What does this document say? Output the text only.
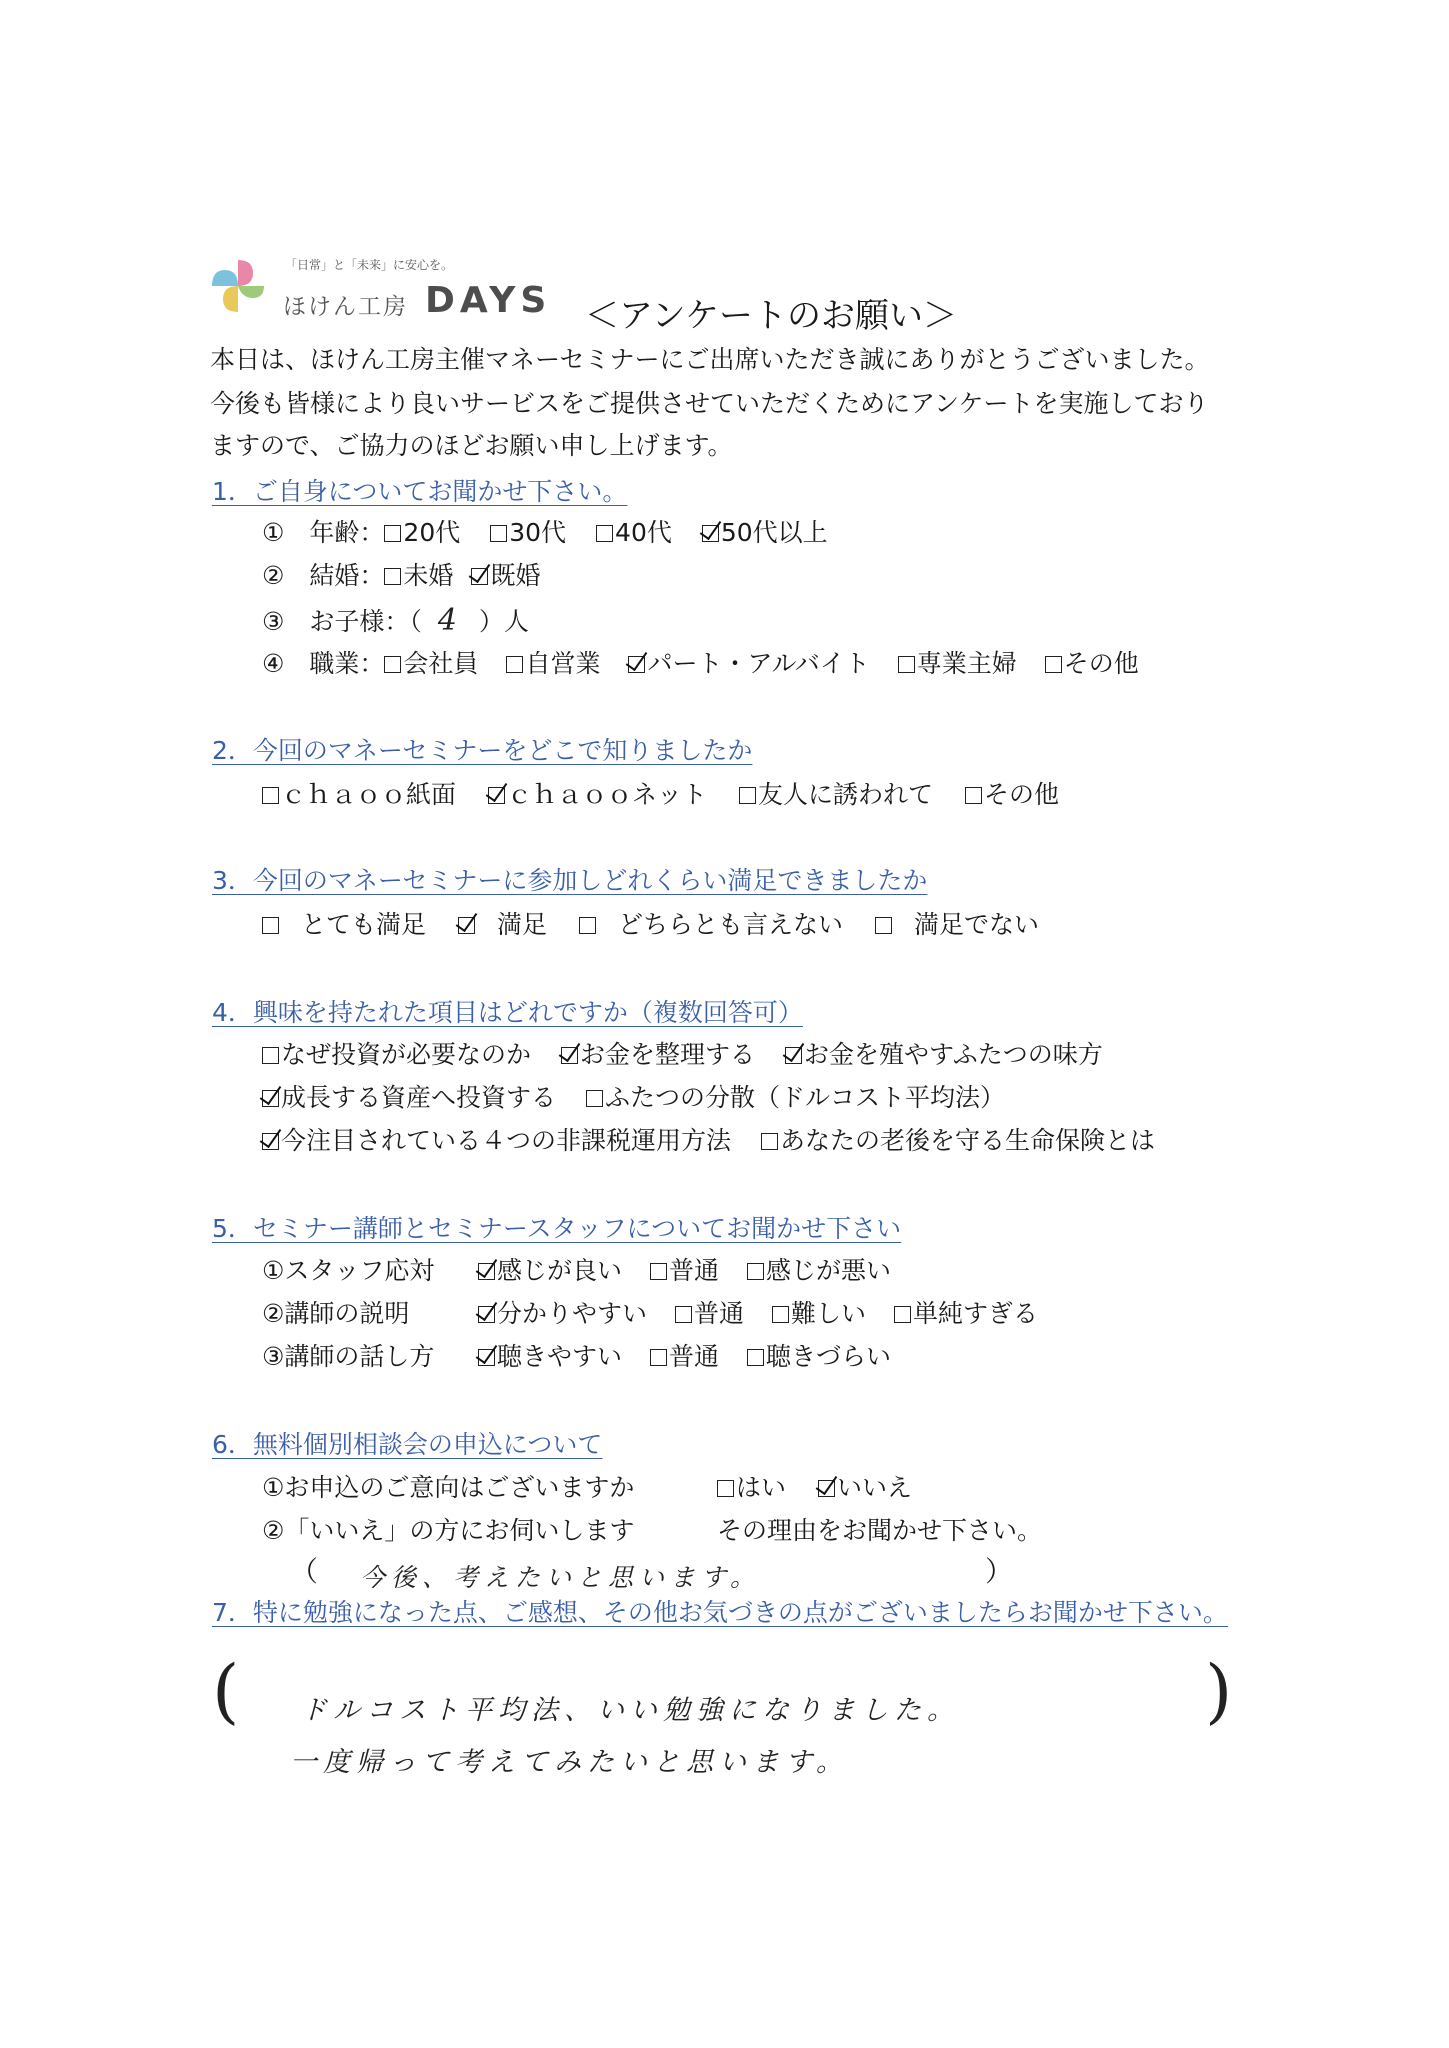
「日常」と「未来」に安心を。
ほけん工房 DAYS ＜アンケートのお願い＞
本日は、ほけん工房主催マネーセミナーにご出席いただき誠にありがとうございました。
今後も皆様により良いサービスをご提供させていただくためにアンケートを実施しており
ますので、ご協力のほどお願い申し上げます。
1．ご自身についてお聞かせ下さい。
①　年齢： 20代 30代 40代 50代以上
②　結婚： 未婚 既婚
③　お子様：（ 4 ）人
④　職業： 会社員 自営業 パート・アルバイト 専業主婦 その他
2．今回のマネーセミナーをどこで知りましたか
ｃｈａｏｏ紙面 ｃｈａｏｏネット 友人に誘われて その他
3．今回のマネーセミナーに参加しどれくらい満足できましたか
とても満足	満足	どちらとも言えない	満足でない
4．興味を持たれた項目はどれですか（複数回答可）
なぜ投資が必要なのか お金を整理する お金を殖やすふたつの味方
成長する資産へ投資する ふたつの分散（ドルコスト平均法）
今注目されている４つの非課税運用方法 あなたの老後を守る生命保険とは
5．セミナー講師とセミナースタッフについてお聞かせ下さい
①スタッフ応対	感じが良い 普通 感じが悪い
②講師の説明	分かりやすい 普通 難しい 単純すぎる
③講師の話し方	聴きやすい 普通 聴きづらい
6．無料個別相談会の申込について
①お申込のご意向はございますか	はい いいえ
②「いいえ」の方にお伺いします	その理由をお聞かせ下さい。
（ 今後、考えたいと思います。	）
7．特に勉強になった点、ご感想、その他お気づきの点がございましたらお聞かせ下さい。
( ドルコスト平均法、いい勉強になりました。
一度帰って考えてみたいと思います。
)
